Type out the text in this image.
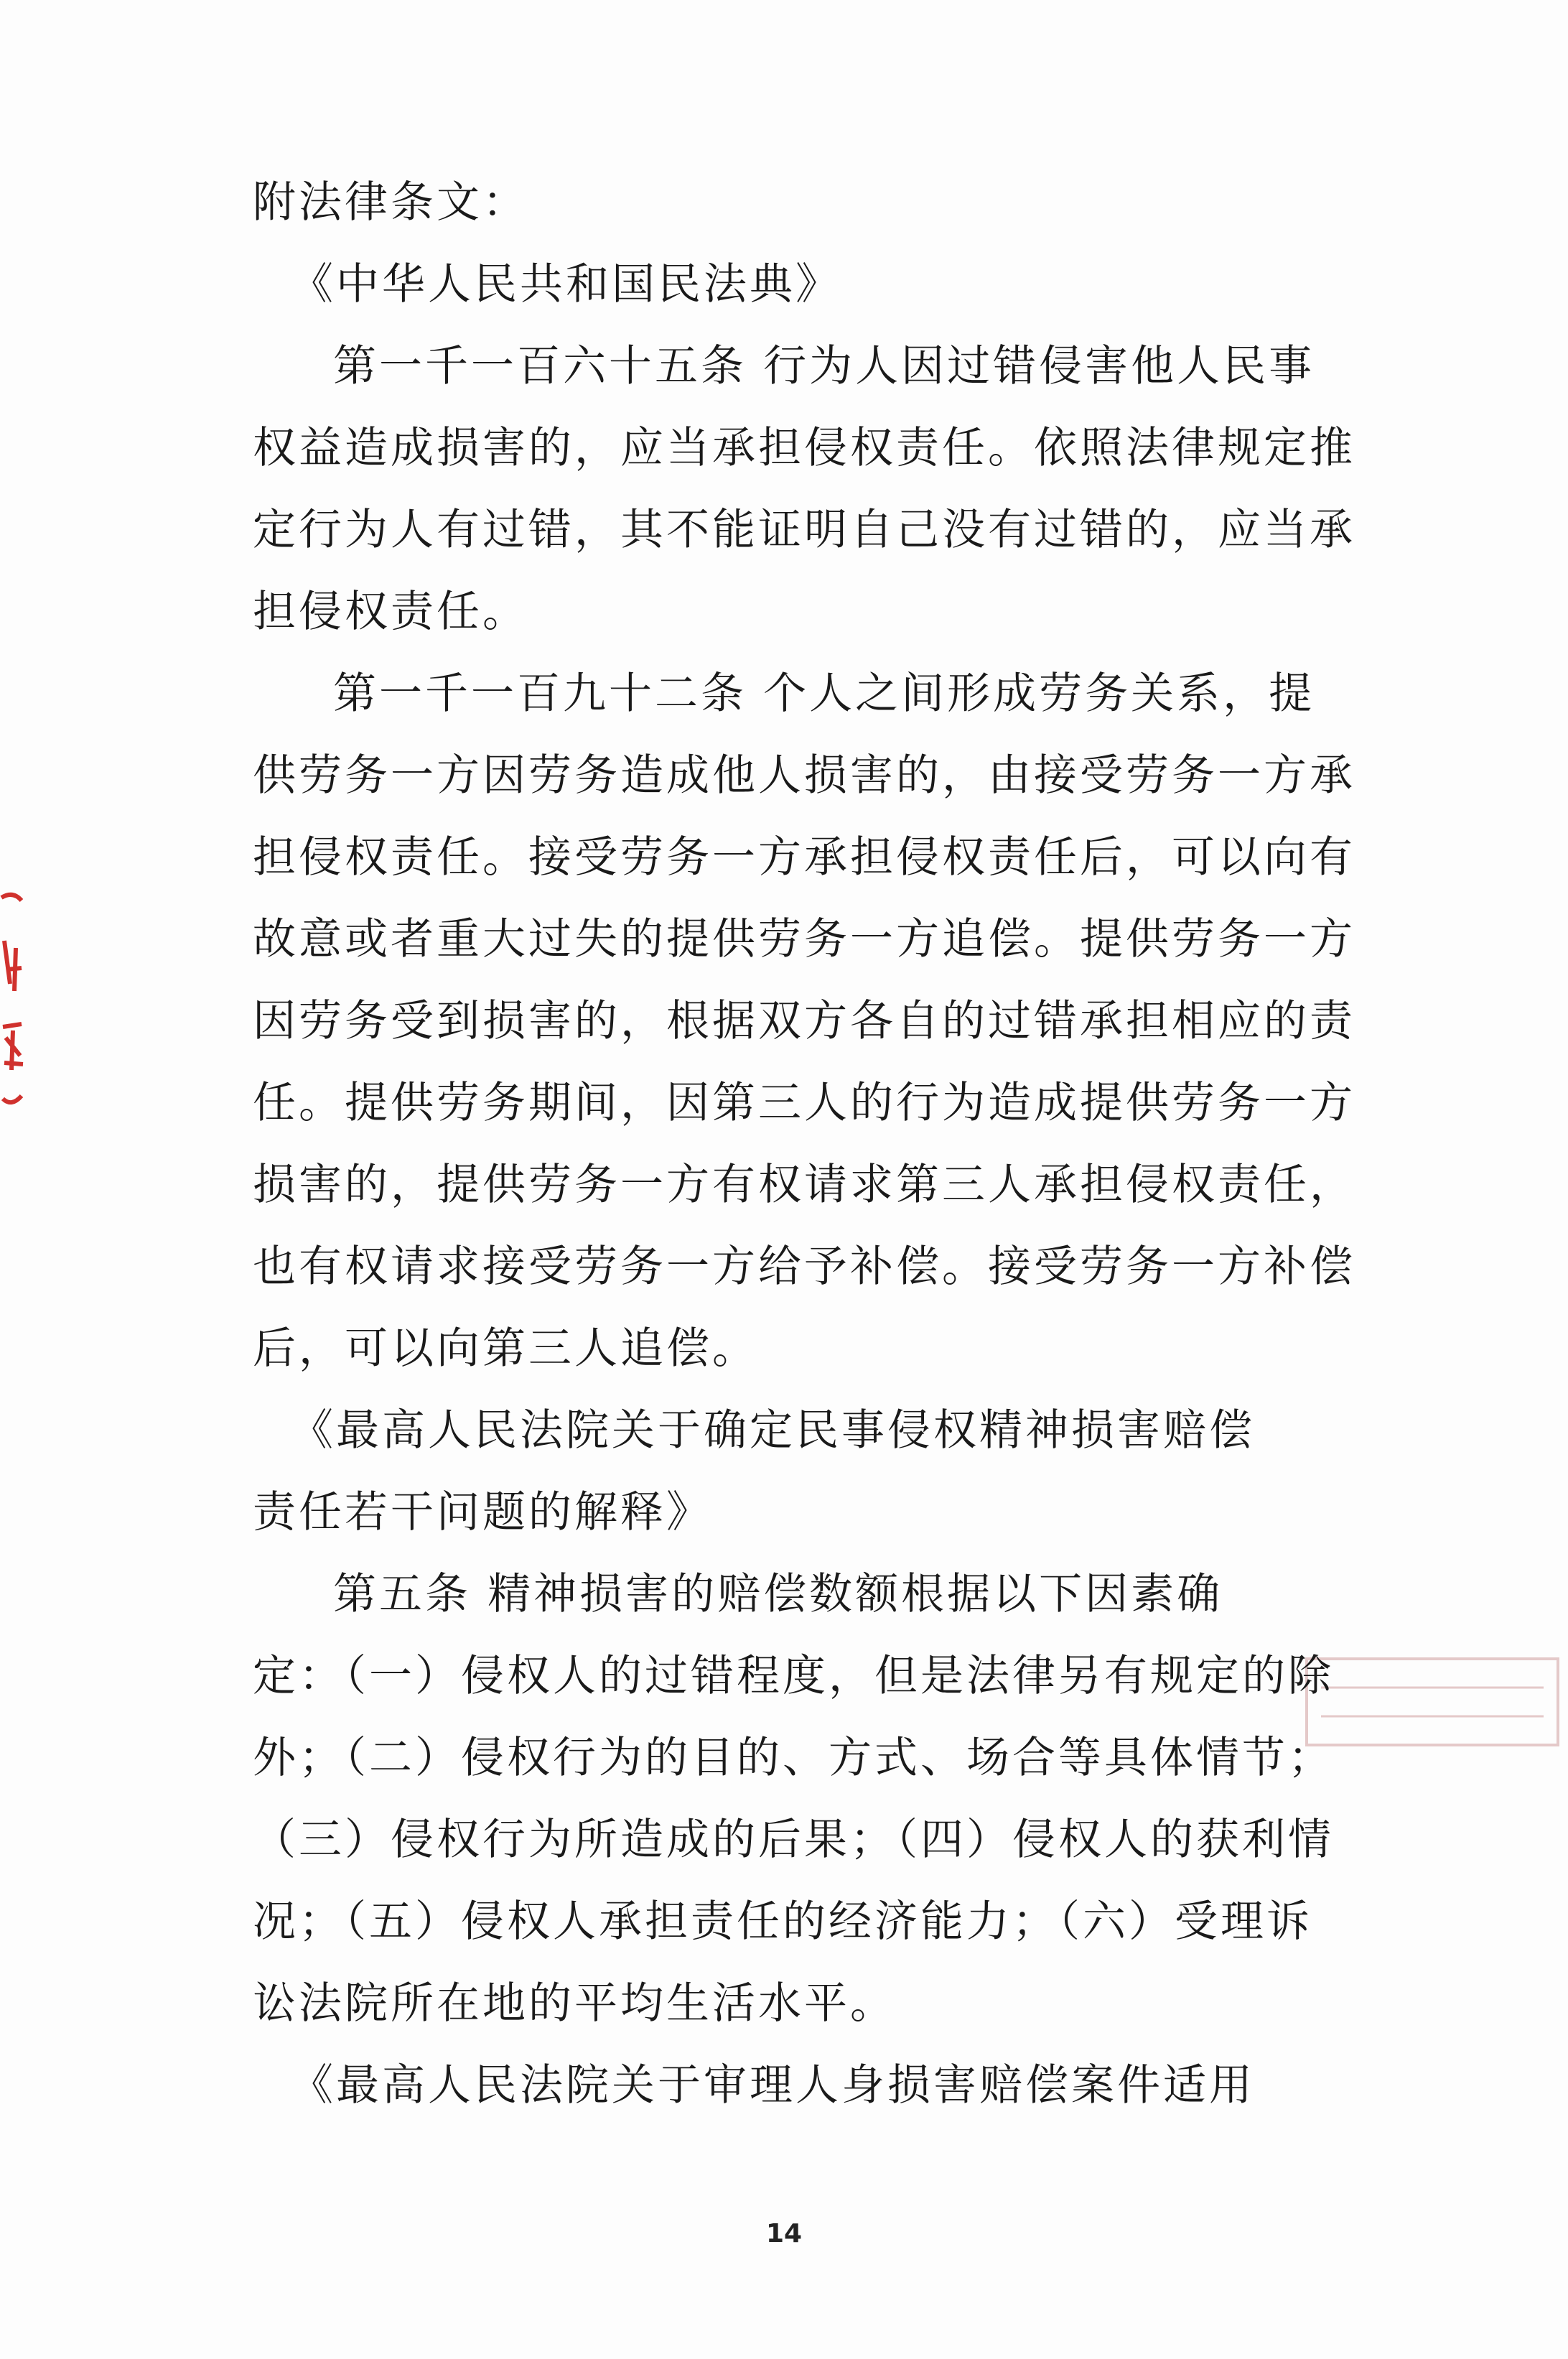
附法律条文：
《中华人民共和国民法典》
第一千一百六十五条 行为人因过错侵害他人民事
权益造成损害的，应当承担侵权责任。依照法律规定推
定行为人有过错，其不能证明自己没有过错的，应当承
担侵权责任。
第一千一百九十二条 个人之间形成劳务关系，提
供劳务一方因劳务造成他人损害的，由接受劳务一方承
担侵权责任。接受劳务一方承担侵权责任后，可以向有
故意或者重大过失的提供劳务一方追偿。提供劳务一方
因劳务受到损害的，根据双方各自的过错承担相应的责
任。提供劳务期间，因第三人的行为造成提供劳务一方
损害的，提供劳务一方有权请求第三人承担侵权责任，
也有权请求接受劳务一方给予补偿。接受劳务一方补偿
后，可以向第三人追偿。
《最高人民法院关于确定民事侵权精神损害赔偿
责任若干问题的解释》
第五条 精神损害的赔偿数额根据以下因素确
定：（一）侵权人的过错程度，但是法律另有规定的除
外；（二）侵权行为的目的、方式、场合等具体情节；
（三）侵权行为所造成的后果；（四）侵权人的获利情
况；（五）侵权人承担责任的经济能力；（六）受理诉
讼法院所在地的平均生活水平。
《最高人民法院关于审理人身损害赔偿案件适用
14
